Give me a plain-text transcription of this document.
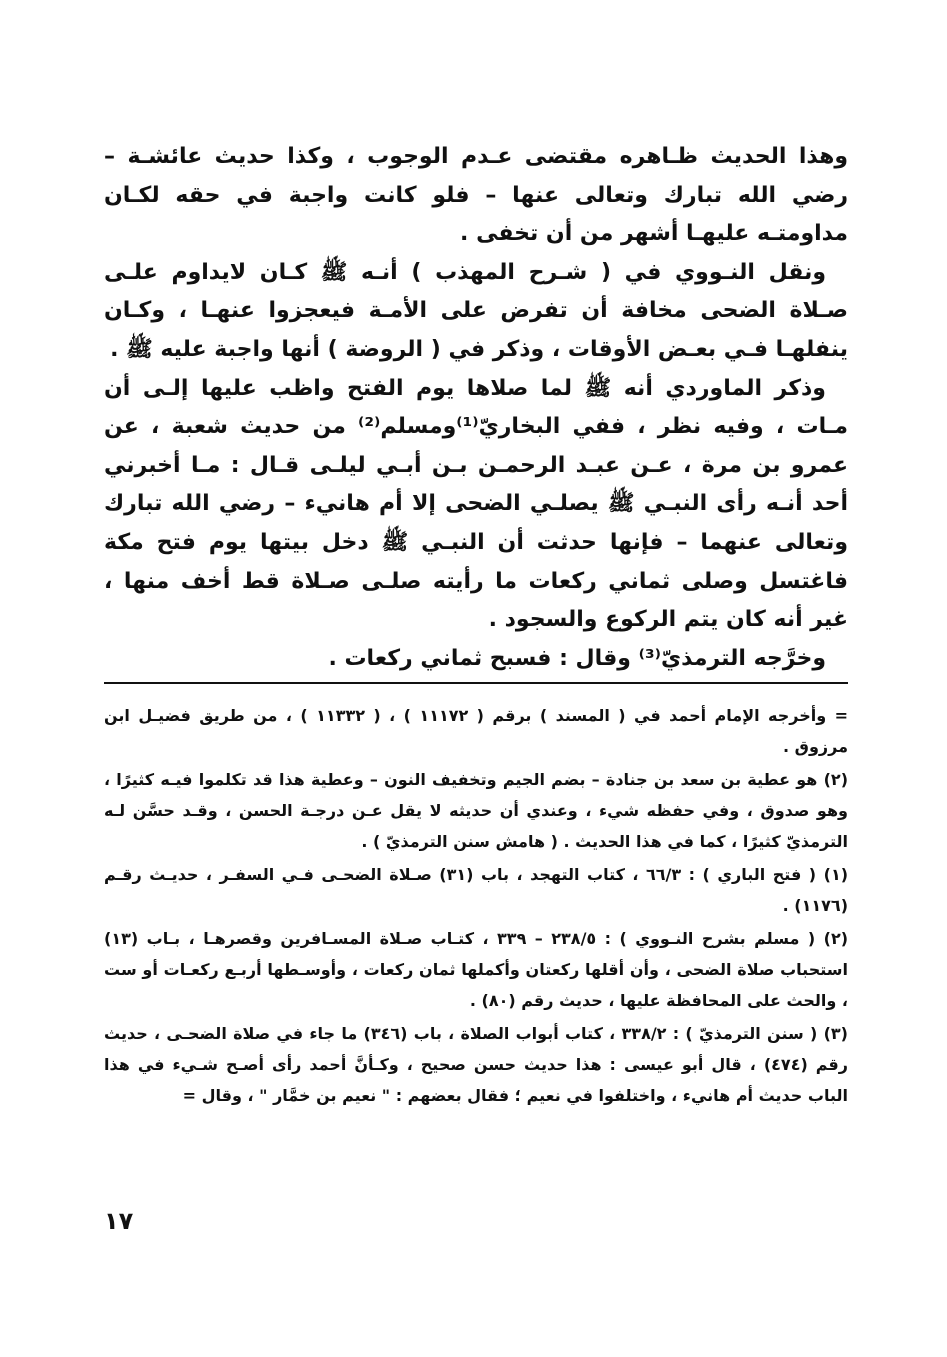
وهذا الحديث ظـاهره مقتضى عـدم الوجوب ، وكذا حديث عائشـة – رضي الله تبارك وتعالى عنها – فلو كانت واجبة في حقه لكـان مداومتـه عليهـا أشهر من أن تخفى .

ونقل النـووي في ( شـرح المهذب ) أنـه ﷺ كـان لايداوم علـى صـلاة الضحى مخافة أن تفرض على الأمـة فيعجزوا عنهـا ، وكـان ينفلهـا فـي بعـض الأوقات ، وذكر في ( الروضة ) أنها واجبة عليه ﷺ .

وذكر الماوردي أنه ﷺ لما صلاها يوم الفتح واظب عليها إلـى أن مـات ، وفيه نظر ، ففي البخاريّ⁽¹⁾ومسلم⁽²⁾ من حديث شعبة ، عن عمرو بن مرة ، عـن عبـد الرحمـن بـن أبـي ليلـى قـال : مـا أخبرني أحد أنـه رأى النبـي ﷺ يصلـي الضحى إلا أم هانيء – رضي الله تبارك وتعالى عنهما – فإنها حدثت أن النبـي ﷺ دخل بيتها يوم فتح مكة فاغتسل وصلى ثماني ركعات ما رأيته صلـى صـلاة قط أخف منها ، غير أنه كان يتم الركوع والسجود .

وخرَّجه الترمذيّ⁽³⁾ وقال : فسبح ثماني ركعات .

= وأخرجه الإمام أحمد في ( المسند ) برقم ( ١١١٧٢ ) ، ( ١١٣٣٢ ) ، من طريق فضيـل ابن مرزوق .

(٢) هو عطية بن سعد بن جنادة – بضم الجيم وتخفيف النون – وعطية هذا قد تكلموا فيـه كثيرًا ، وهو صدوق ، وفي حفظه شيء ، وعندي أن حديثه لا يقل عـن درجـة الحسن ، وقـد حسَّن لـه الترمذيّ كثيرًا ، كما في هذا الحديث . ( هامش سنن الترمذيّ ) .

(١) ( فتح الباري ) : ٦٦/٣ ، كتاب التهجد ، باب (٣١) صـلاة الضحـى فـي السفـر ، حديـث رقـم (١١٧٦) .

(٢) ( مسلم بشرح النـووي ) : ٢٣٨/٥ – ٣٣٩ ، كتـاب صـلاة المسـافرين وقصرهـا ، بـاب (١٣) استحباب صلاة الضحى ، وأن أقلها ركعتان وأكملها ثمان ركعات ، وأوسـطها أربـع ركعـات أو ست ، والحث على المحافظة عليها ، حديث رقم (٨٠) .

(٣) ( سنن الترمذيّ ) : ٣٣٨/٢ ، كتاب أبواب الصلاة ، باب (٣٤٦) ما جاء في صلاة الضحـى ، حديث رقم (٤٧٤) ، قال أبو عيسى : هذا حديث حسن صحيح ، وكـأنَّ أحمد رأى أصـح شـيء في هذا الباب حديث أم هانيء ، واختلفوا في نعيم ؛ فقال بعضهم : " نعيم بن خمَّار " ، وقال =

١٧
